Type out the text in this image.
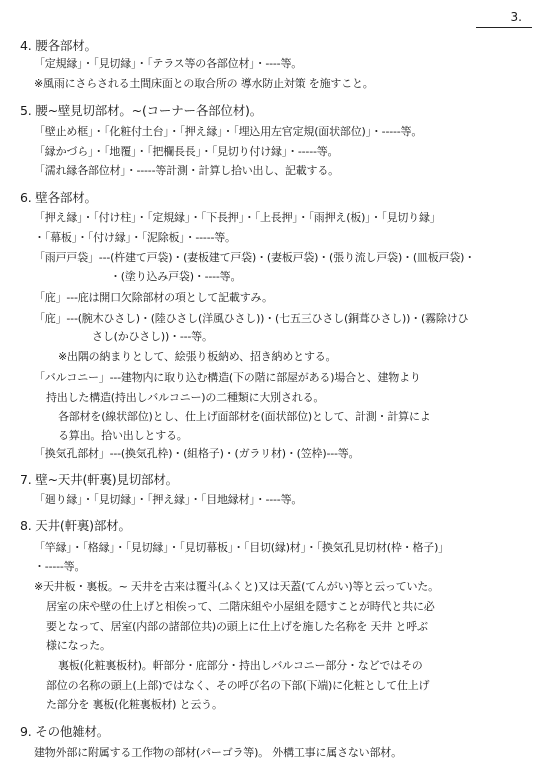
3.
4. 腰各部材。
「定規縁」・「見切縁」・「テラス等の各部位材」・----等。
※風雨にさらされる土間床面との取合所の 導水防止対策 を施すこと。
5. 腰~壁見切部材。~(コーナー各部位材)。
「壁止め框」・「化粧付土台」・「押え縁」・「埋込用左官定規(面状部位)」・-----等。
「縁かづら」・「地覆」・「把欄長長」・「見切り付け縁」・-----等。
「濡れ縁各部位材」・-----等計測・計算し拾い出し、記載する。
6. 壁各部材。
「押え縁」・「付け柱」・「定規縁」・「下長押」・「上長押」・「雨押え(板)」・「見切り縁」
・「幕板」・「付け縁」・「泥除板」・-----等。
「雨戸戸袋」---(杵建て戸袋)・(妻板建て戸袋)・(妻板戸袋)・(張り流し戸袋)・(皿板戸袋)・
・(塗り込み戸袋)・----等。
「庇」---庇は開口欠除部材の項として記載すみ。
「庇」---(腕木ひさし)・(陸ひさし(洋風ひさし))・(七五三ひさし(銅葺ひさし))・(霧除けひ
さし(かひさし))・---等。
※出隅の納まりとして、絵張り板納め、招き納めとする。
「バルコニー」---建物内に取り込む構造(下の階に部屋がある)場合と、建物より
持出した構造(持出しバルコニー)の二種類に大別される。
各部材を(線状部位)とし、仕上げ面部材を(面状部位)として、計測・計算によ
る算出。拾い出しとする。
「換気孔部材」---(換気孔枠)・(組格子)・(ガラリ材)・(笠枠)---等。
7. 壁~天井(軒裏)見切部材。
「廻り縁」・「見切縁」・「押え縁」・「目地縁材」・----等。
8. 天井(軒裏)部材。
「竿縁」・「格縁」・「見切縁」・「見切幕板」・「目切(縁)材」・「換気孔見切材(枠・格子)」
・-----等。
※天井板・裏板。~ 天井を古来は覆斗(ふくと)又は天蓋(てんがい)等と云っていた。
居室の床や壁の仕上げと相俟って、二階床組や小屋組を隠すことが時代と共に必
要となって、居室(内部の諸部位共)の頭上に仕上げを施した名称を 天井 と呼ぶ
様になった。
裏板(化粧裏板材)。軒部分・庇部分・持出しバルコニー部分・などではその
部位の名称の頭上(上部)ではなく、その呼び名の下部(下端)に化粧として仕上げ
た部分を 裏板(化粧裏板材) と云う。
9. その他雑材。
建物外部に附属する工作物の部材(パーゴラ等)。 外構工事に属さない部材。
